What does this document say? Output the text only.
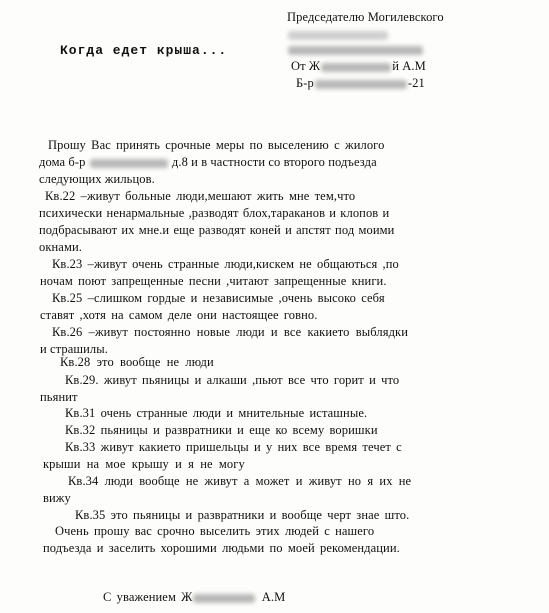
Председателю Могилевского
Когда едет крыша...
От Ж	й А.М
Б-р	-21
Прошу Вас принять срочные меры по выселению с жилого
дома б-р	д.8 и в частности со второго подъезда
следующих жильцов.
Кв.22 –живут больные люди,мешают жить мне тем,что
психически ненармальные ,разводят блох,тараканов и клопов и
подбрасывают их мне.и еще разводят коней и апстят под моими
окнами.
Кв.23 –живут очень странные люди,кискем не общаються ,по
ночам поют запрещенные песни ,читают запрещенные книги.
Кв.25 –слишком гордые и независимые ,очень высоко себя
ставят ,хотя на самом деле они настоящее говно.
Кв.26 –живут постоянно новые люди и все какието выблядки
и страшилы.
Кв.28 это вообще не люди
Кв.29. живут пьяницы и алкаши ,пьют все что горит и что
пьянит
Кв.31 очень странные люди и мнительные исташные.
Кв.32 пьяницы и развратники и еще ко всему воришки
Кв.33 живут какието пришельцы и у них все время течет с
крыши на мое крышу и я не могу
Кв.34 люди вообще не живут а может и живут но я их не
вижу
Кв.35 это пьяницы и развратники и вообще черт знае што.
Очень прошу вас срочно выселить этих людей с нашего
подъезда и заселить хорошими людьми по моей рекомендации.
С уважением Ж	А.М
